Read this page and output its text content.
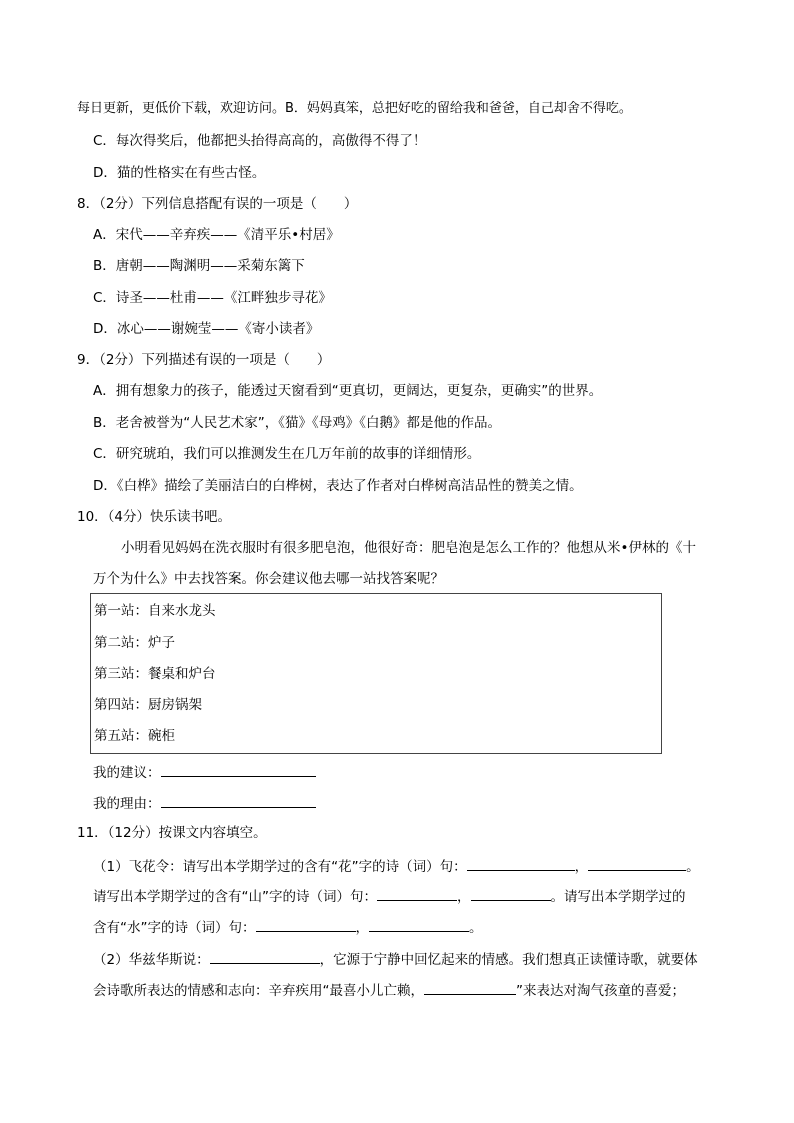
每日更新，更低价下载，欢迎访问。B．妈妈真笨，总把好吃的留给我和爸爸，自己却舍不得吃。
C．每次得奖后，他都把头抬得高高的，高傲得不得了！
D．猫的性格实在有些古怪。
8．（2分）下列信息搭配有误的一项是（　　）
A．宋代——辛弃疾——《清平乐•村居》
B．唐朝——陶渊明——采菊东篱下
C．诗圣——杜甫——《江畔独步寻花》
D．冰心——谢婉莹——《寄小读者》
9．（2分）下列描述有误的一项是（　　）
A．拥有想象力的孩子，能透过天窗看到“更真切，更阔达，更复杂，更确实”的世界。
B．老舍被誉为“人民艺术家”，《猫》《母鸡》《白鹅》都是他的作品。
C．研究琥珀，我们可以推测发生在几万年前的故事的详细情形。
D．《白桦》描绘了美丽洁白的白桦树，表达了作者对白桦树高洁品性的赞美之情。
10．（4分）快乐读书吧。
小明看见妈妈在洗衣服时有很多肥皂泡，他很好奇：肥皂泡是怎么工作的？他想从米•伊林的《十
万个为什么》中去找答案。你会建议他去哪一站找答案呢？
第一站：自来水龙头
第二站：炉子
第三站：餐桌和炉台
第四站：厨房锅架
第五站：碗柜
我的建议：
我的理由：
11．（12分）按课文内容填空。
（1）飞花令：请写出本学期学过的含有“花”字的诗（词）句：	，	。
请写出本学期学过的含有“山”字的诗（词）句：	，	。请写出本学期学过的
含有“水”字的诗（词）句：	，	。
（2）华兹华斯说：	，它源于宁静中回忆起来的情感。我们想真正读懂诗歌，就要体
会诗歌所表达的情感和志向：辛弃疾用“最喜小儿亡赖，	”来表达对淘气孩童的喜爱；
